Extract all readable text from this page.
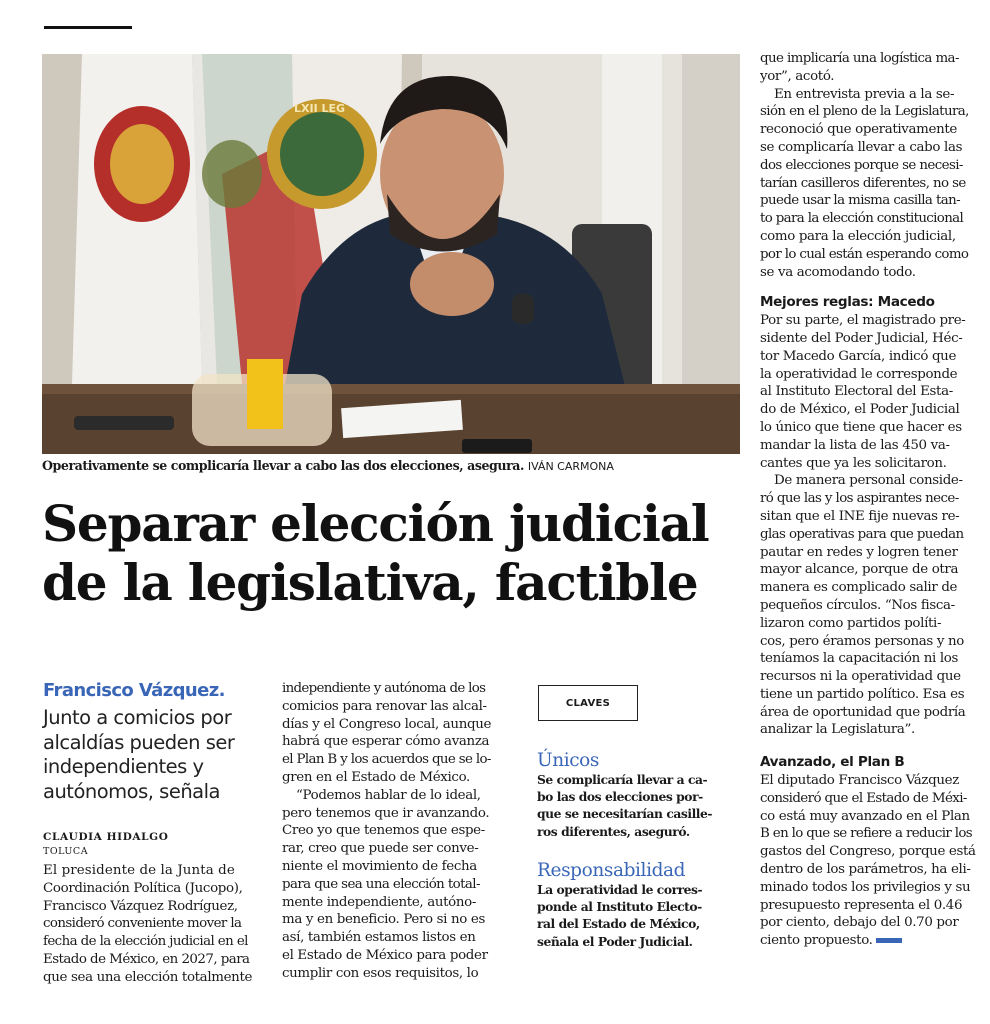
LXII LEG
Operativamente se complicaría llevar a cabo las dos elecciones, asegura. IVÁN CARMONA
Separar elección judicial
de la legislativa, factible
Francisco Vázquez.
Junto a comicios por
alcaldías pueden ser
independientes y
autónomos, señala
CLAUDIA HIDALGO
TOLUCA

El presidente de la Junta de

Coordinación Política (Jucopo),

Francisco Vázquez Rodríguez,

consideró conveniente mover la

fecha de la elección judicial en el

Estado de México, en 2027, para

que sea una elección totalmente

independiente y autónoma de los

comicios para renovar las alcal-

días y el Congreso local, aunque

habrá que esperar cómo avanza

el Plan B y los acuerdos que se lo-

gren en el Estado de México.

“Podemos hablar de lo ideal,

pero tenemos que ir avanzando.

Creo yo que tenemos que espe-

rar, creo que puede ser conve-

niente el movimiento de fecha

para que sea una elección total-

mente independiente, autóno-

ma y en beneficio. Pero si no es

así, también estamos listos en

el Estado de México para poder

cumplir con esos requisitos, lo

CLAVES
Únicos

Se complicaría llevar a ca-

bo las dos elecciones por-

que se necesitarían casille-

ros diferentes, aseguró.

Responsabilidad

La operatividad le corres-

ponde al Instituto Electo-

ral del Estado de México,

señala el Poder Judicial.

que implicaría una logística ma-

yor”, acotó.

En entrevista previa a la se-

sión en el pleno de la Legislatura,

reconoció que operativamente

se complicaría llevar a cabo las

dos elecciones porque se necesi-

tarían casilleros diferentes, no se

puede usar la misma casilla tan-

to para la elección constitucional

como para la elección judicial,

por lo cual están esperando como

se va acomodando todo.

Mejores reglas: Macedo

Por su parte, el magistrado pre-

sidente del Poder Judicial, Héc-

tor Macedo García, indicó que

la operatividad le corresponde

al Instituto Electoral del Esta-

do de México, el Poder Judicial

lo único que tiene que hacer es

mandar la lista de las 450 va-

cantes que ya les solicitaron.

De manera personal conside-

ró que las y los aspirantes nece-

sitan que el INE fije nuevas re-

glas operativas para que puedan

pautar en redes y logren tener

mayor alcance, porque de otra

manera es complicado salir de

pequeños círculos. “Nos fisca-

lizaron como partidos políti-

cos, pero éramos personas y no

teníamos la capacitación ni los

recursos ni la operatividad que

tiene un partido político. Esa es

área de oportunidad que podría

analizar la Legislatura”.

Avanzado, el Plan B

El diputado Francisco Vázquez

consideró que el Estado de Méxi-

co está muy avanzado en el Plan

B en lo que se refiere a reducir los

gastos del Congreso, porque está

dentro de los parámetros, ha eli-

minado todos los privilegios y su

presupuesto representa el 0.46

por ciento, debajo del 0.70 por

ciento propuesto.
